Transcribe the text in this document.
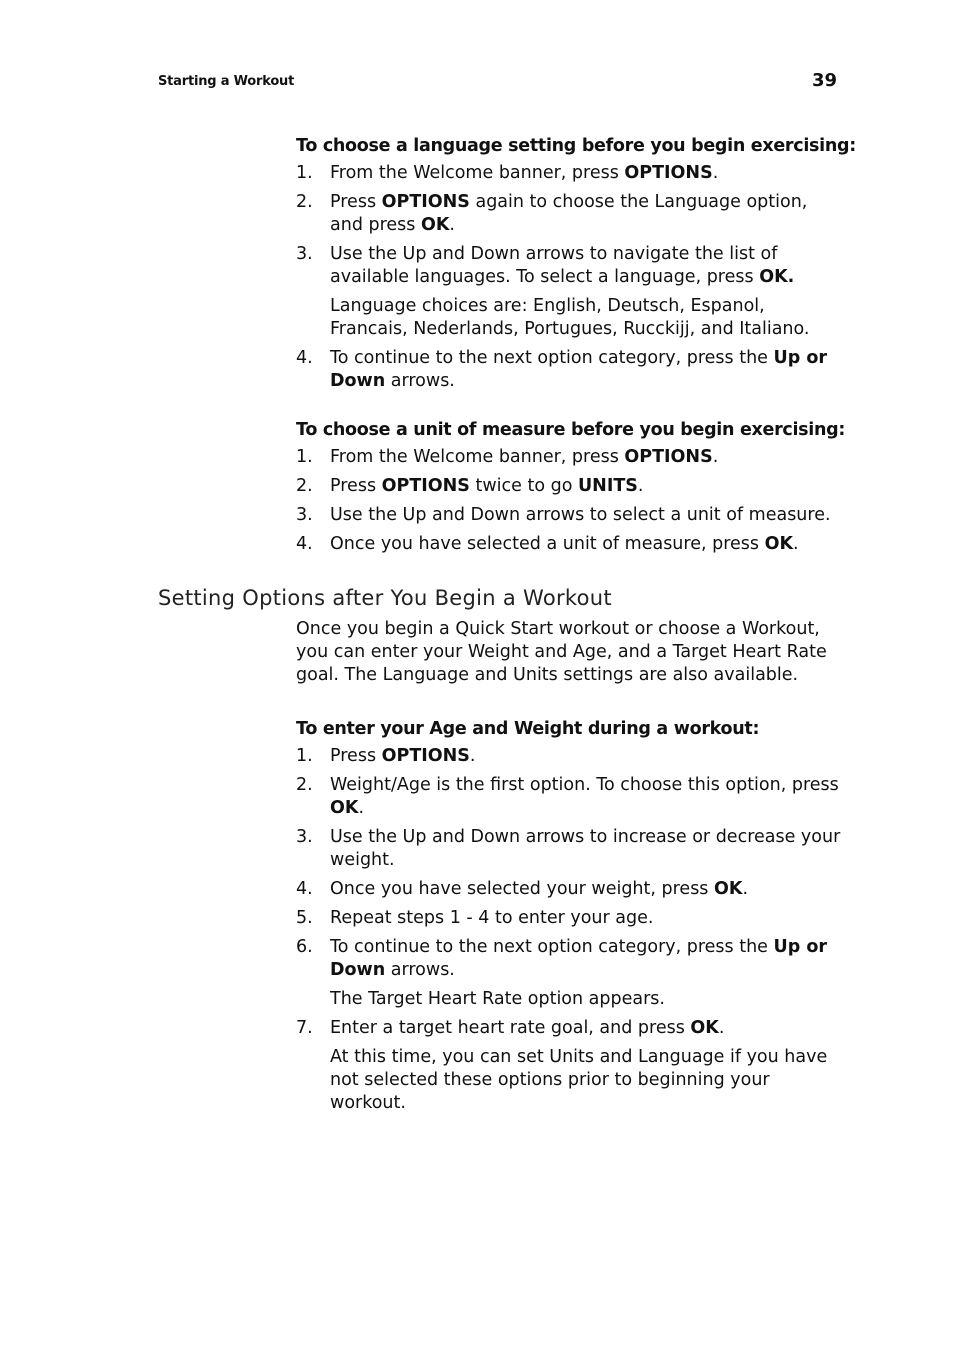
Starting a Workout	39

To choose a language setting before you begin exercising:

1. From the Welcome banner, press OPTIONS.
2. Press OPTIONS again to choose the Language option, and press OK.
3. Use the Up and Down arrows to navigate the list of available languages. To select a language, press OK.

Language choices are: English, Deutsch, Espanol, Francais, Nederlands, Portugues, Rucckijj, and Italiano.

4. To continue to the next option category, press the Up or Down arrows.

To choose a unit of measure before you begin exercising:

1. From the Welcome banner, press OPTIONS.
2. Press OPTIONS twice to go UNITS.
3. Use the Up and Down arrows to select a unit of measure.
4. Once you have selected a unit of measure, press OK.
Setting Options after You Begin a Workout

Once you begin a Quick Start workout or choose a Workout, you can enter your Weight and Age, and a Target Heart Rate goal. The Language and Units settings are also available.

To enter your Age and Weight during a workout:

1. Press OPTIONS.
2. Weight/Age is the first option. To choose this option, press OK.
3. Use the Up and Down arrows to increase or decrease your weight.
4. Once you have selected your weight, press OK.
5. Repeat steps 1 - 4 to enter your age.
6. To continue to the next option category, press the Up or Down arrows.

The Target Heart Rate option appears.

7. Enter a target heart rate goal, and press OK.

At this time, you can set Units and Language if you have not selected these options prior to beginning your workout.
